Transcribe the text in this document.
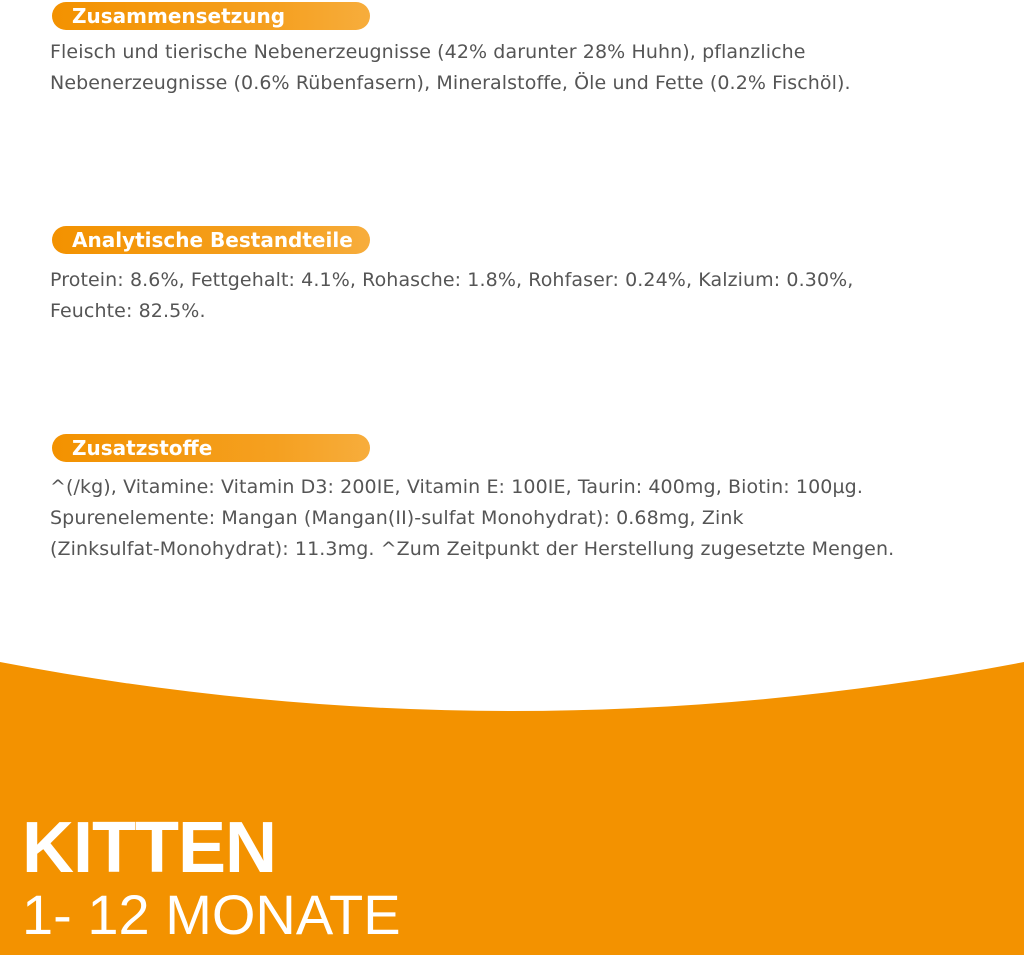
Zusammensetzung
Fleisch und tierische Nebenerzeugnisse (42% darunter 28% Huhn), pflanzliche
Nebenerzeugnisse (0.6% Rübenfasern), Mineralstoffe, Öle und Fette (0.2% Fischöl).
Analytische Bestandteile
Protein: 8.6%, Fettgehalt: 4.1%, Rohasche: 1.8%, Rohfaser: 0.24%, Kalzium: 0.30%,
Feuchte: 82.5%.
Zusatzstoffe
^(/kg), Vitamine: Vitamin D3: 200IE, Vitamin E: 100IE, Taurin: 400mg, Biotin: 100µg.
Spurenelemente: Mangan (Mangan(II)-sulfat Monohydrat): 0.68mg, Zink
(Zinksulfat-Monohydrat): 11.3mg. ^Zum Zeitpunkt der Herstellung zugesetzte Mengen.
KITTEN
1- 12 MONATE
